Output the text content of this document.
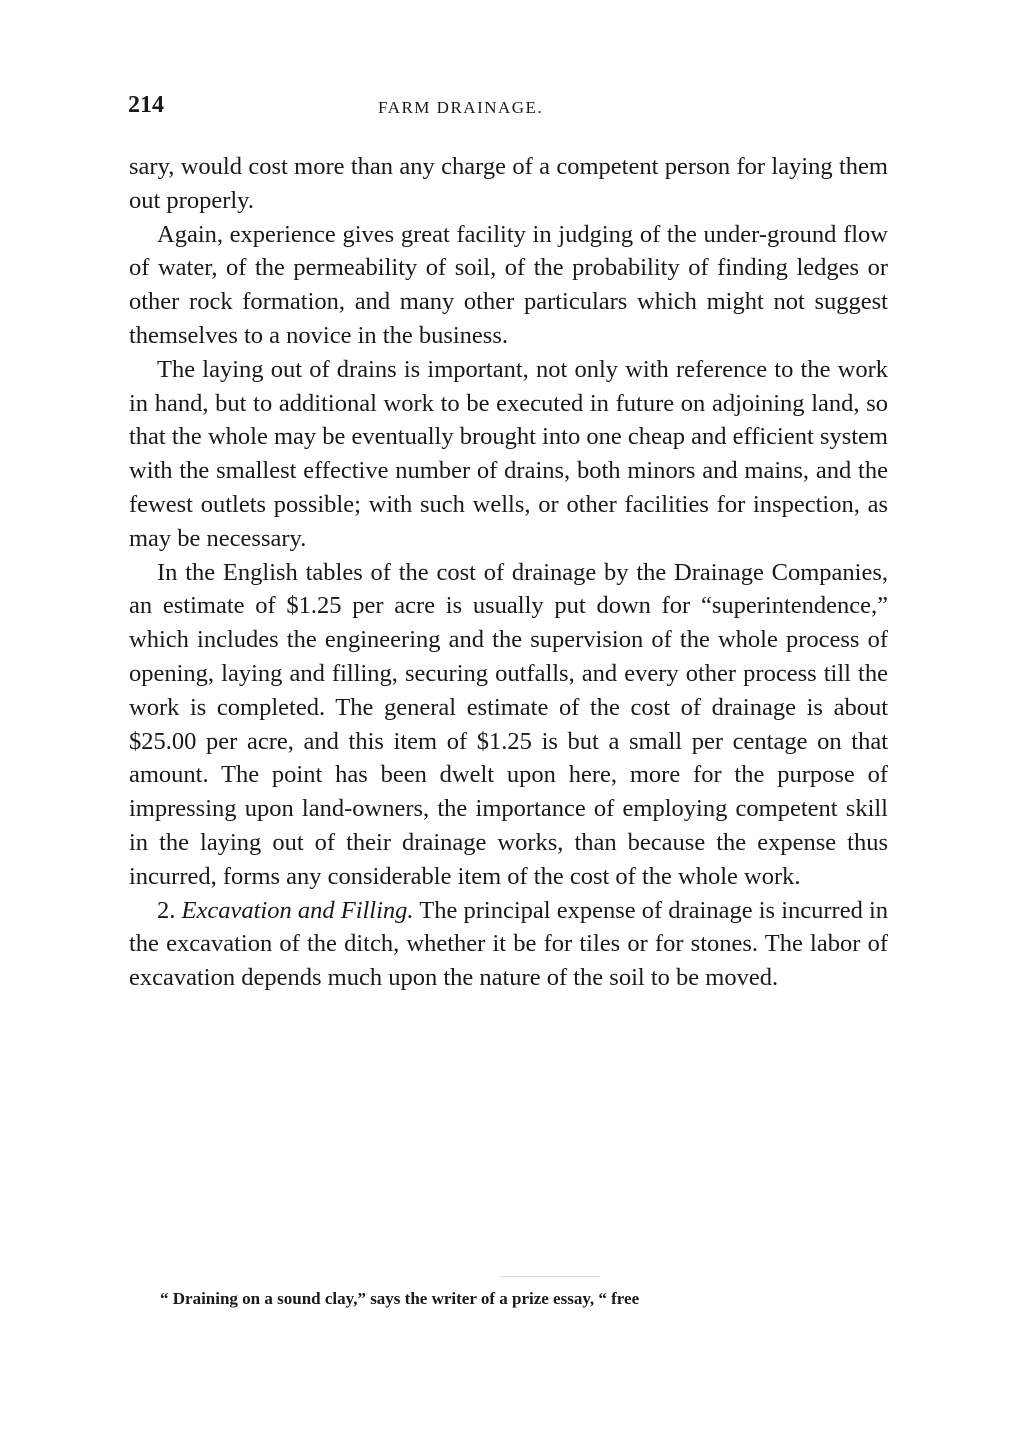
214	FARM DRAINAGE.

sary, would cost more than any charge of a competent person for laying them out properly.

Again, experience gives great facility in judging of the under-ground flow of water, of the permeability of soil, of the probability of finding ledges or other rock formation, and many other particulars which might not suggest themselves to a novice in the business.

The laying out of drains is important, not only with reference to the work in hand, but to additional work to be executed in future on adjoining land, so that the whole may be eventually brought into one cheap and efficient system with the smallest effective number of drains, both minors and mains, and the fewest outlets possible; with such wells, or other facilities for inspection, as may be necessary.

In the English tables of the cost of drainage by the Drainage Companies, an estimate of $1.25 per acre is usually put down for “superintendence,” which includes the engineering and the supervision of the whole process of opening, laying and filling, securing outfalls, and every other process till the work is completed. The general estimate of the cost of drainage is about $25.00 per acre, and this item of $1.25 is but a small per centage on that amount. The point has been dwelt upon here, more for the purpose of impressing upon land-owners, the importance of employing competent skill in the laying out of their drainage works, than because the expense thus incurred, forms any considerable item of the cost of the whole work.

2. Excavation and Filling. The principal expense of drainage is incurred in the excavation of the ditch, whether it be for tiles or for stones. The labor of excavation depends much upon the nature of the soil to be moved.

“ Draining on a sound clay,” says the writer of a prize essay, “ free
